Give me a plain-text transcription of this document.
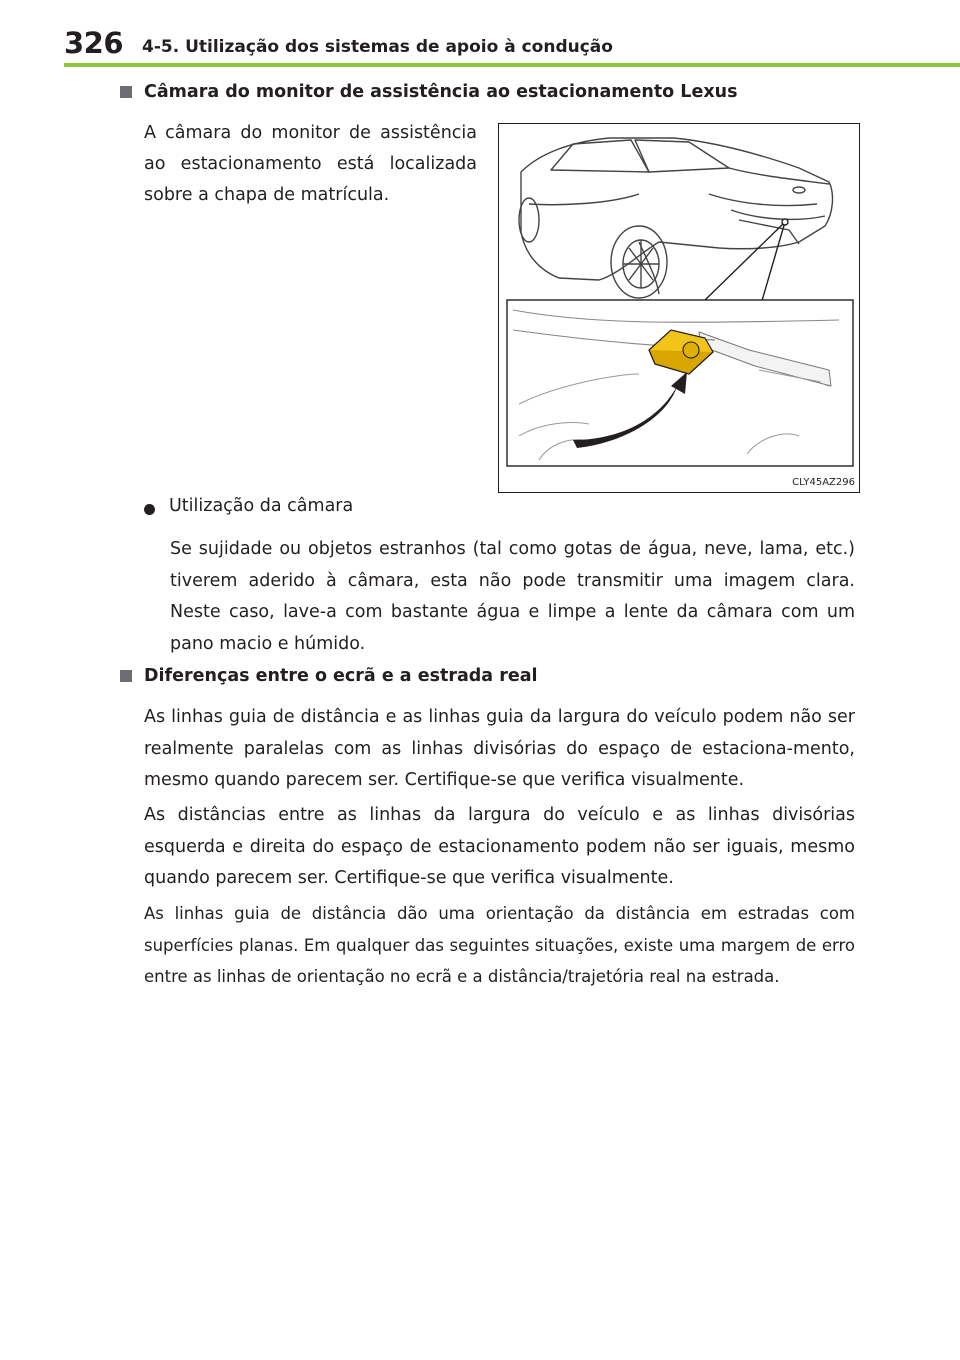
326 4-5. Utilização dos sistemas de apoio à condução
Câmara do monitor de assistência ao estacionamento Lexus
A câmara do monitor de assistência ao estacionamento está localizada sobre a chapa de matrícula.
CLY45AZ296
Utilização da câmara
Se sujidade ou objetos estranhos (tal como gotas de água, neve, lama, etc.) tiverem aderido à câmara, esta não pode transmitir uma imagem clara. Neste caso, lave-a com bastante água e limpe a lente da câmara com um pano macio e húmido.
Diferenças entre o ecrã e a estrada real
As linhas guia de distância e as linhas guia da largura do veículo podem não ser realmente paralelas com as linhas divisórias do espaço de estaciona-mento, mesmo quando parecem ser. Certifique-se que verifica visualmente.
As distâncias entre as linhas da largura do veículo e as linhas divisórias esquerda e direita do espaço de estacionamento podem não ser iguais, mesmo quando parecem ser. Certifique-se que verifica visualmente.
As linhas guia de distância dão uma orientação da distância em estradas com superfícies planas. Em qualquer das seguintes situações, existe uma margem de erro entre as linhas de orientação no ecrã e a distância/trajetória real na estrada.
